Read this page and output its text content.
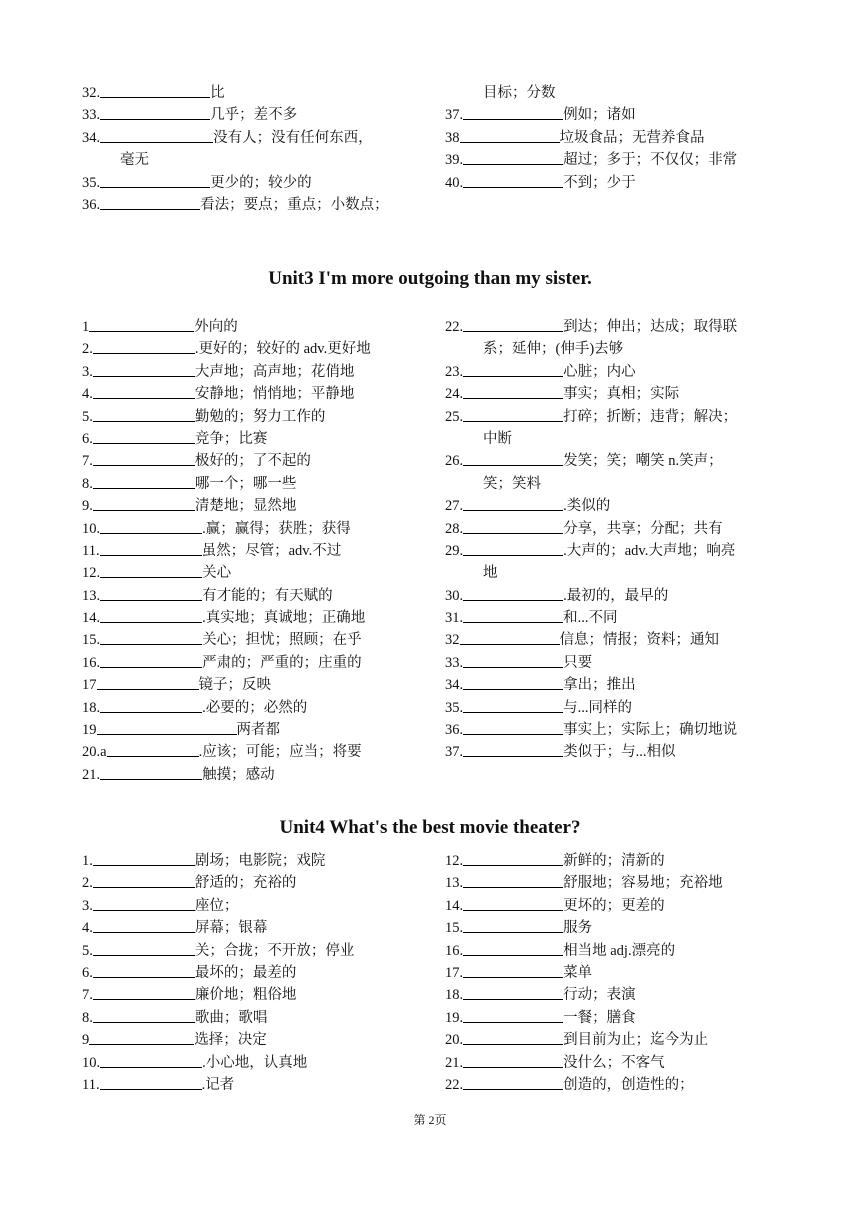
32.	比
33.	几乎；差不多
34.	没有人；没有任何东西，
毫无
35.	更少的；较少的
36.	看法；要点；重点；小数点；
目标；分数
37.	例如；诸如
38	垃圾食品；无营养食品
39.	超过；多于；不仅仅；非常
40.	不到；少于
Unit3 I'm more outgoing than my sister.
1	外向的
2.	.更好的；较好的 adv.更好地
3.	大声地；高声地；花俏地
4.	安静地；悄悄地；平静地
5.	勤勉的；努力工作的
6.	竞争；比赛
7.	极好的；了不起的
8.	哪一个；哪一些
9.	清楚地；显然地
10.	.赢；赢得；获胜；获得
11.	虽然；尽管；adv.不过
12.	关心
13.	有才能的；有天赋的
14.	.真实地；真诚地；正确地
15.	关心；担忧；照顾；在乎
16.	严肃的；严重的；庄重的
17	镜子；反映
18.	.必要的；必然的
19	两者都
20.a	.应该；可能；应当；将要
21.	触摸；感动
22.	到达；伸出；达成；取得联
系；延伸；(伸手)去够
23.	心脏；内心
24.	事实；真相；实际
25.	打碎；折断；违背；解决；
中断
26.	发笑；笑；嘲笑 n.笑声；
笑；笑料
27.	.类似的
28.	分享，共享；分配；共有
29.	.大声的；adv.大声地；响亮
地
30.	.最初的，最早的
31.	和...不同
32	信息；情报；资料；通知
33.	只要
34.	拿出；推出
35.	与...同样的
36.	事实上；实际上；确切地说
37.	类似于；与...相似
Unit4 What's the best movie theater?
1.	剧场；电影院；戏院
2.	舒适的；充裕的
3.	座位；
4.	屏幕；银幕
5.	关；合拢；不开放；停业
6.	最坏的；最差的
7.	廉价地；粗俗地
8.	歌曲；歌唱
9	选择；决定
10.	.小心地，认真地
11.	.记者
12.	新鲜的；清新的
13.	舒服地；容易地；充裕地
14.	更坏的；更差的
15.	服务
16.	相当地 adj.漂亮的
17.	菜单
18.	行动；表演
19.	一餐；膳食
20.	到目前为止；迄今为止
21.	没什么；不客气
22.	创造的，创造性的；
第 2页
